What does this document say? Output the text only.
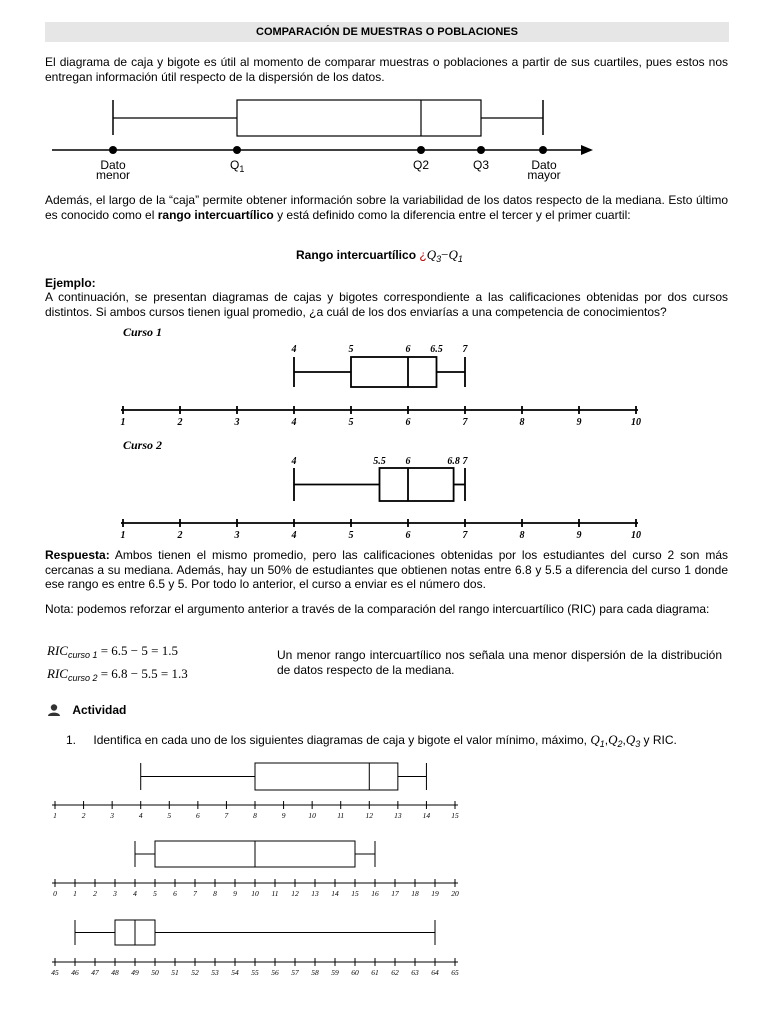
COMPARACIÓN DE MUESTRAS O POBLACIONES

El diagrama de caja y bigote es útil al momento de comparar muestras o poblaciones a partir de sus cuartiles, pues estos nos entregan información útil respecto de la dispersión de los datos.

Dato
menor
$Q_1$	Q2	Q3	Dato
mayor

Además, el largo de la “caja” permite obtener información sobre la variabilidad de los datos respecto de la mediana. Esto último es conocido como el rango intercuartílico y está definido como la diferencia entre el tercer y el primer cuartil:

Rango intercuartílico ¿$Q_3-Q_1$

Ejemplo:

A continuación, se presentan diagramas de cajas y bigotes correspondiente a las calificaciones obtenidas por dos cursos distintos. Si ambos cursos tienen igual promedio, ¿a cuál de los dos enviarías a una competencia de conocimientos?

Curso 1
4	5	6 6.5 7
1	2	3	4	5	6	7	8	9	10
Curso 2
4	5.5 6	6.8 7
1	2	3	4	5	6	7	8	9	10

Respuesta: Ambos tienen el mismo promedio, pero las calificaciones obtenidas por los estudiantes del curso 2 son más cercanas a su mediana. Además, hay un 50% de estudiantes que obtienen notas entre 6.8 y 5.5 a diferencia del curso 1 donde ese rango es entre 6.5 y 5. Por todo lo anterior, el curso a enviar es el número dos.

Nota: podemos reforzar el argumento anterior a través de la comparación del rango intercuartílico (RIC) para cada diagrama:

$RIC_{curso 1} = 6.5 - 5 = 1.5$
$RIC_{curso 2} = 6.8 - 5.5 = 1.3$

Un menor rango intercuartílico nos señala una menor dispersión de la distribución de datos respecto de la mediana.

Actividad
1. Identifica en cada uno de los siguientes diagramas de caja y bigote el valor mínimo, máximo, $Q_1,Q_2,Q_3$ y RIC.
1	2	3	4	5	6	7	8	9	10	11	12	13	14	15
0 1 2 3 4 5 6 7 8 9 10 11 12 13 14 15 16 17 18 19 20
45 46 47 48 49 50 51 52 53 54 55 56 57 58 59 60 61 62 63 64 65
